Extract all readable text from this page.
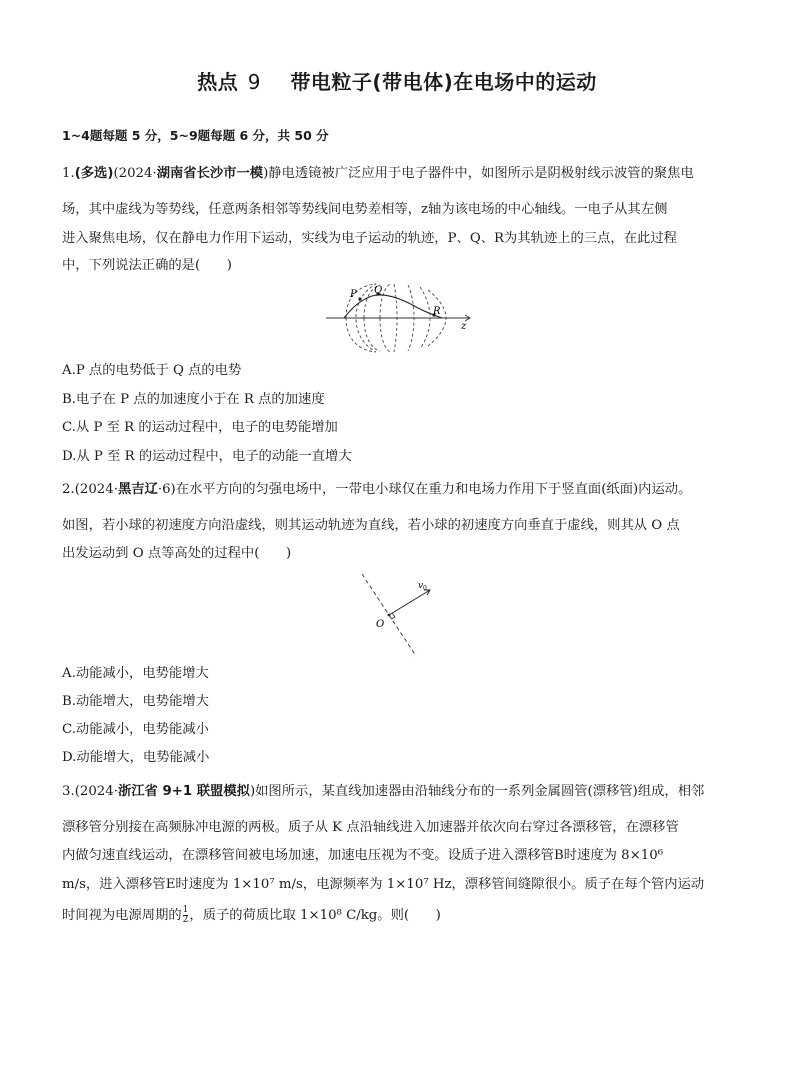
热点 9 带电粒子(带电体)在电场中的运动
1~4题每题 5 分，5~9题每题 6 分，共 50 分
1.(多选)(2024·湖南省长沙市一模)静电透镜被广泛应用于电子器件中，如图所示是阴极射线示波管的聚焦电
场，其中虚线为等势线，任意两条相邻等势线间电势差相等，z轴为该电场的中心轴线。一电子从其左侧
进入聚焦电场，仅在静电力作用下运动，实线为电子运动的轨迹，P、Q、R为其轨迹上的三点，在此过程
中，下列说法正确的是(　　)
P Q
R
z
A.P 点的电势低于 Q 点的电势
B.电子在 P 点的加速度小于在 R 点的加速度
C.从 P 至 R 的运动过程中，电子的电势能增加
D.从 P 至 R 的运动过程中，电子的动能一直增大
2.(2024·黑吉辽·6)在水平方向的匀强电场中，一带电小球仅在重力和电场力作用下于竖直面(纸面)内运动。
如图，若小球的初速度方向沿虚线，则其运动轨迹为直线，若小球的初速度方向垂直于虚线，则其从 O 点
出发运动到 O 点等高处的过程中(　　)
O
v 0
A.动能减小，电势能增大
B.动能增大，电势能增大
C.动能减小，电势能减小
D.动能增大，电势能减小
3.(2024·浙江省 9+1 联盟模拟)如图所示，某直线加速器由沿轴线分布的一系列金属圆管(漂移管)组成，相邻
漂移管分别接在高频脉冲电源的两极。质子从 K 点沿轴线进入加速器并依次向右穿过各漂移管，在漂移管
内做匀速直线运动，在漂移管间被电场加速，加速电压视为不变。设质子进入漂移管B时速度为 8×10⁶
m/s，进入漂移管E时速度为 1×10⁷ m/s，电源频率为 1×10⁷ Hz，漂移管间缝隙很小。质子在每个管内运动
时间视为电源周期的 $\frac{1}{2}$ ，质子的荷质比取 1×10⁸ C/kg。则(　　)
